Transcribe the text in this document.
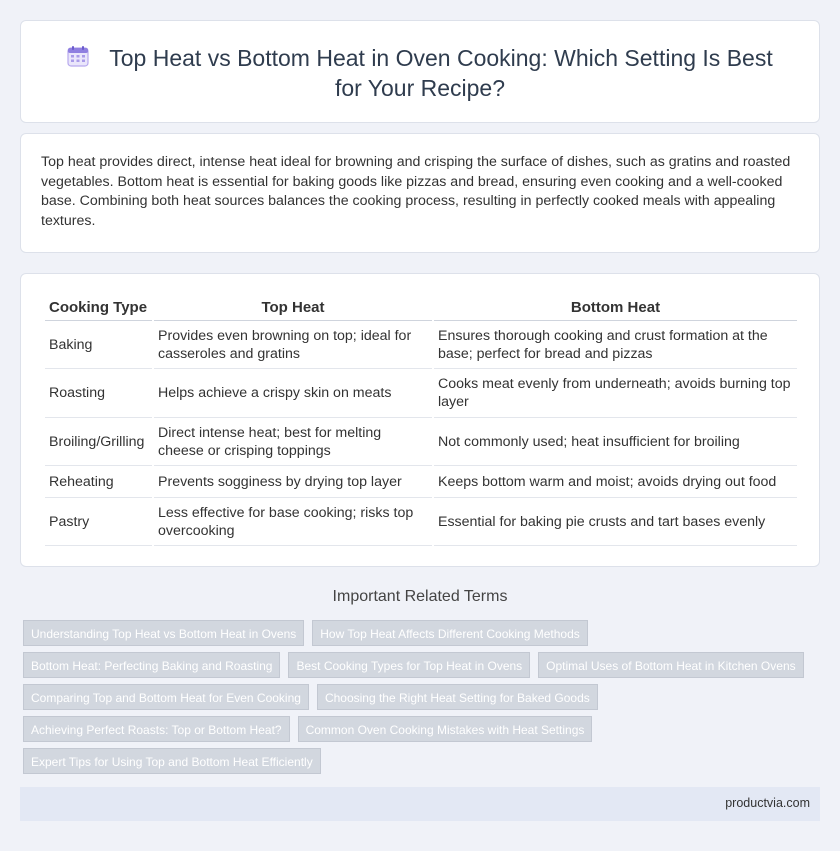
Top Heat vs Bottom Heat in Oven Cooking: Which Setting Is Best for Your Recipe?

Top heat provides direct, intense heat ideal for browning and crisping the surface of dishes, such as gratins and roasted vegetables. Bottom heat is essential for baking goods like pizzas and bread, ensuring even cooking and a well-cooked base. Combining both heat sources balances the cooking process, resulting in perfectly cooked meals with appealing textures.

Cooking Type	Top Heat	Bottom Heat
Baking	Provides even browning on top; ideal for casseroles and gratins	Ensures thorough cooking and crust formation at the base; perfect for bread and pizzas
Roasting	Helps achieve a crispy skin on meats	Cooks meat evenly from underneath; avoids burning top layer
Broiling/Grilling	Direct intense heat; best for melting cheese or crisping toppings	Not commonly used; heat insufficient for broiling
Reheating	Prevents sogginess by drying top layer	Keeps bottom warm and moist; avoids drying out food
Pastry	Less effective for base cooking; risks top overcooking	Essential for baking pie crusts and tart bases evenly
Important Related Terms
Understanding Top Heat vs Bottom Heat in Ovens	How Top Heat Affects Different Cooking Methods
Bottom Heat: Perfecting Baking and Roasting	Best Cooking Types for Top Heat in Ovens	Optimal Uses of Bottom Heat in Kitchen Ovens
Comparing Top and Bottom Heat for Even Cooking	Choosing the Right Heat Setting for Baked Goods
Achieving Perfect Roasts: Top or Bottom Heat?	Common Oven Cooking Mistakes with Heat Settings
Expert Tips for Using Top and Bottom Heat Efficiently
productvia.com
